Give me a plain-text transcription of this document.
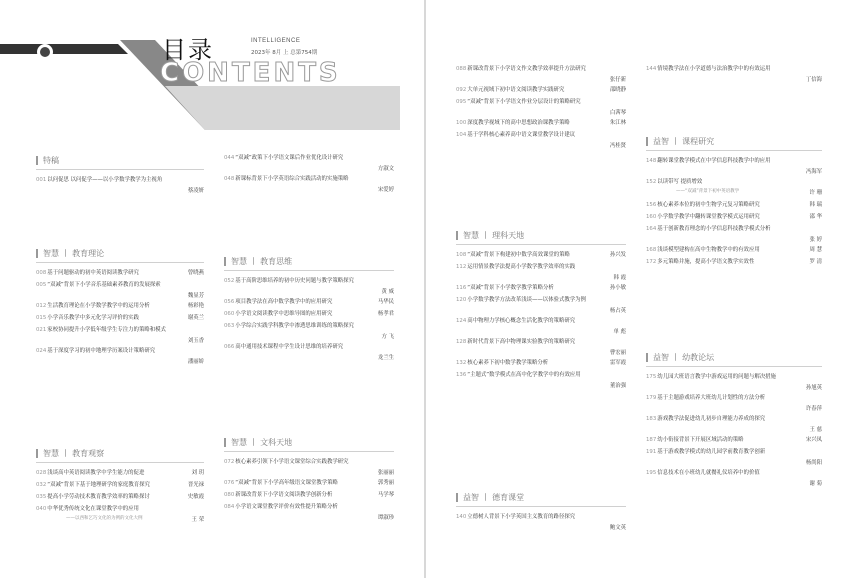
目录	INTELLIGENCE
2023年 8月 上 总第754期
CONTENTS
特稿
001以问促思 以问促学——以小学数学教学为主视角
蔡凌妍
智慧 丨 教育理论
008基于问题驱动的初中英语阅读教学研究	曾晓燕
005“双减”背景下小学音乐基础素养教育的发展探索
魏显芳
012生活教育理论在小学数学教学中的运用分析	杨彩艳
015小学音乐教学中多元化学习评价的实践	谢英兰
021家校协同提升小学低年级学生专注力的策略和模式
刘玉香
024基于深度学习的初中地理学历案设计策略研究
潘丽娇
智慧 丨 教育观察
028浅谈高中英语阅读教学中学生能力的促进	刘 玥
032“双减”背景下基于地理研学的家庭教育探究	晋光禄
035提高小学劳动技术教育教学效率的策略探讨	史敏霞
040中华优秀传统文化在课堂教学中的应用
——以西和乞巧文化的为例的文化大例	王 荣
044“双减”政策下小学语文课后作业优化设计研究
方淑文
048新课标背景下小学英语综合实践活动的实施策略
宋爱婷
智慧 丨 教育思维
052基于高阶思维培养的初中历史问题与教学策略探究
黄 威
056项目教学法在高中数学教学中的应用研究	马华民
060小学语文阅读教学中思维导图的应用研究	杨孝君
063小学综合实践学科教学中渗透思维训练的策略探究
方 飞
066高中通用技术课程中学生设计思维的培养研究
龙兰生
智慧 丨 文科天地
072核心素养引领下小学语文课堂综合实践教学研究
张丽丽
076“双减”背景下小学高年级语文课堂教学策略	郭秀丽
080新课改背景下小学语文阅读教学创新分析	马学琴
084小学语文课堂教学评价有效性提升策略分析
谭淑珍
088新课改背景下小学语文作文教学效率提升方法研究
张仔新
092大单元视域下初中语文阅读教学实践研究	邵晓静
095“双减”背景下小学语文作业分层设计的策略研究
白茜琴
100深度教学视域下的高中思想政治课教学策略	朱江林
104基于学科核心素养高中语文课堂教学设计建议
冯桂贤
144情境教学法在小学道德与法治教学中的有效运用
丁信海
益智 丨 课程研究
148翻转课堂教学模式在中学信息科技教学中的应用
冯海军
152以读带写 提质增效
——“双减”背景下初中英语教学	许 珊
156核心素养本位的初中生物学元复习策略研究	韩 瑞
160小学数学教学中翻转课堂教学模式运用研究	邵 华
164基于创新教育理念的小学信息科技教学模式分析
张 婷
168浅谈模型建构在高中生物教学中的有效应用	周 慧
172多元策略并施，提高小学语文教学实效性	罗 清
智慧 丨 理科天地
108“双减”背景下构建初中数学高效课堂的策略	孙兴发
112运用情景教学法提高小学数学教学效率的实践
韩 霞
116“双减”背景下小学数学教学策略分析	孙小敏
120小学数学教学方法改革浅谈——以体验式教学为例
杨占英
124高中物理力学核心概念生活化教学的策略研究
单 彪
128新时代背景下高中物理课实验教学的策略研究
曹宏丽
132核心素养下初中数学教学策略分析	雷军霞
136“主题式”数学模式在高中化学教学中的有效应用
董治强
益智 丨 德育课堂
140立德树人背景下小学英国主义教育的路径探究
鲍文英
益智 丨 幼教论坛
175幼儿园大班语言教学中游戏运用的问题与解决措施
孙旭英
179基于主题游戏培养大班幼儿计划性的方法分析
许春萍
183游戏教学法促进幼儿初步自理能力养成的探究
王 慈
187幼小衔接背景下开展区域活动的策略	宋兴凤
191基于游戏教学模式的幼儿园学前教育教学创新
杨尚阳
195信息技术在小班幼儿就餐礼仪培养中的价值
谢 菊
